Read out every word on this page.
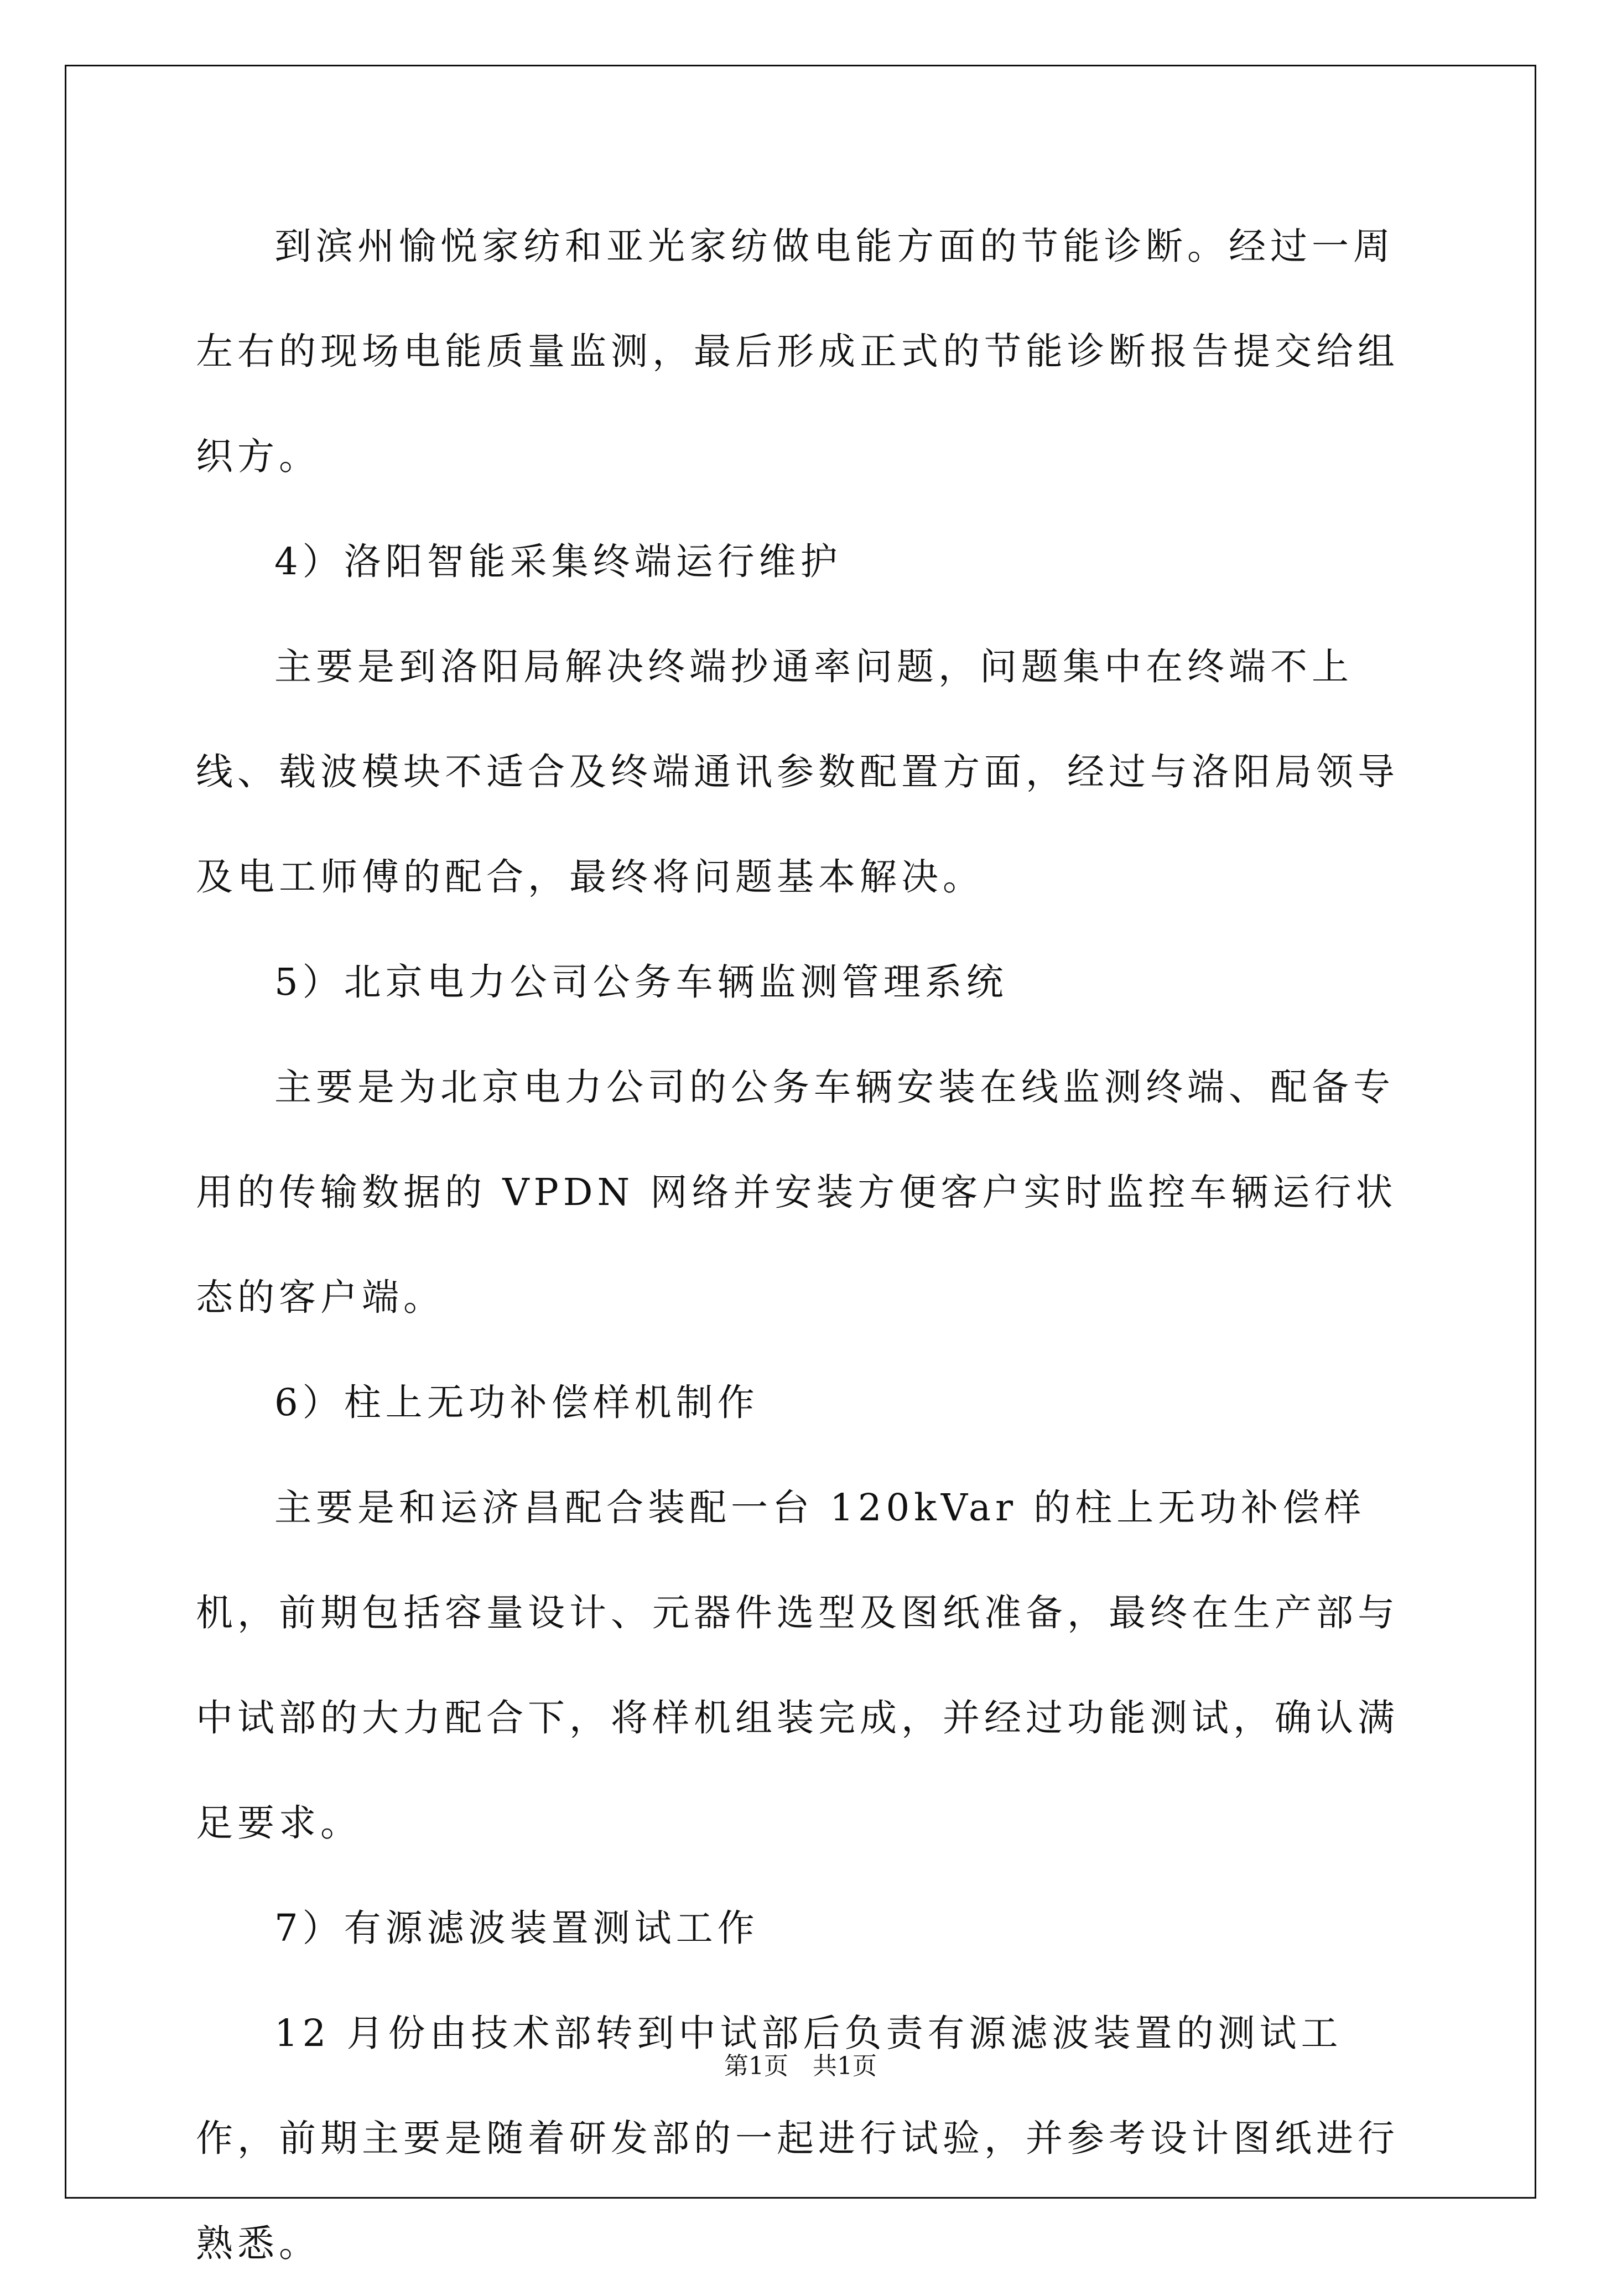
到滨州愉悦家纺和亚光家纺做电能方面的节能诊断。经过一周左右的现场电能质量监测，最后形成正式的节能诊断报告提交给组织方。

4）洛阳智能采集终端运行维护

主要是到洛阳局解决终端抄通率问题，问题集中在终端不上线、载波模块不适合及终端通讯参数配置方面，经过与洛阳局领导及电工师傅的配合，最终将问题基本解决。

5）北京电力公司公务车辆监测管理系统

主要是为北京电力公司的公务车辆安装在线监测终端、配备专用的传输数据的 VPDN 网络并安装方便客户实时监控车辆运行状态的客户端。

6）柱上无功补偿样机制作

主要是和运济昌配合装配一台 120kVar 的柱上无功补偿样机，前期包括容量设计、元器件选型及图纸准备，最终在生产部与中试部的大力配合下，将样机组装完成，并经过功能测试，确认满足要求。

7）有源滤波装置测试工作

12 月份由技术部转到中试部后负责有源滤波装置的测试工作，前期主要是随着研发部的一起进行试验，并参考设计图纸进行熟悉。

第1页 共1页
